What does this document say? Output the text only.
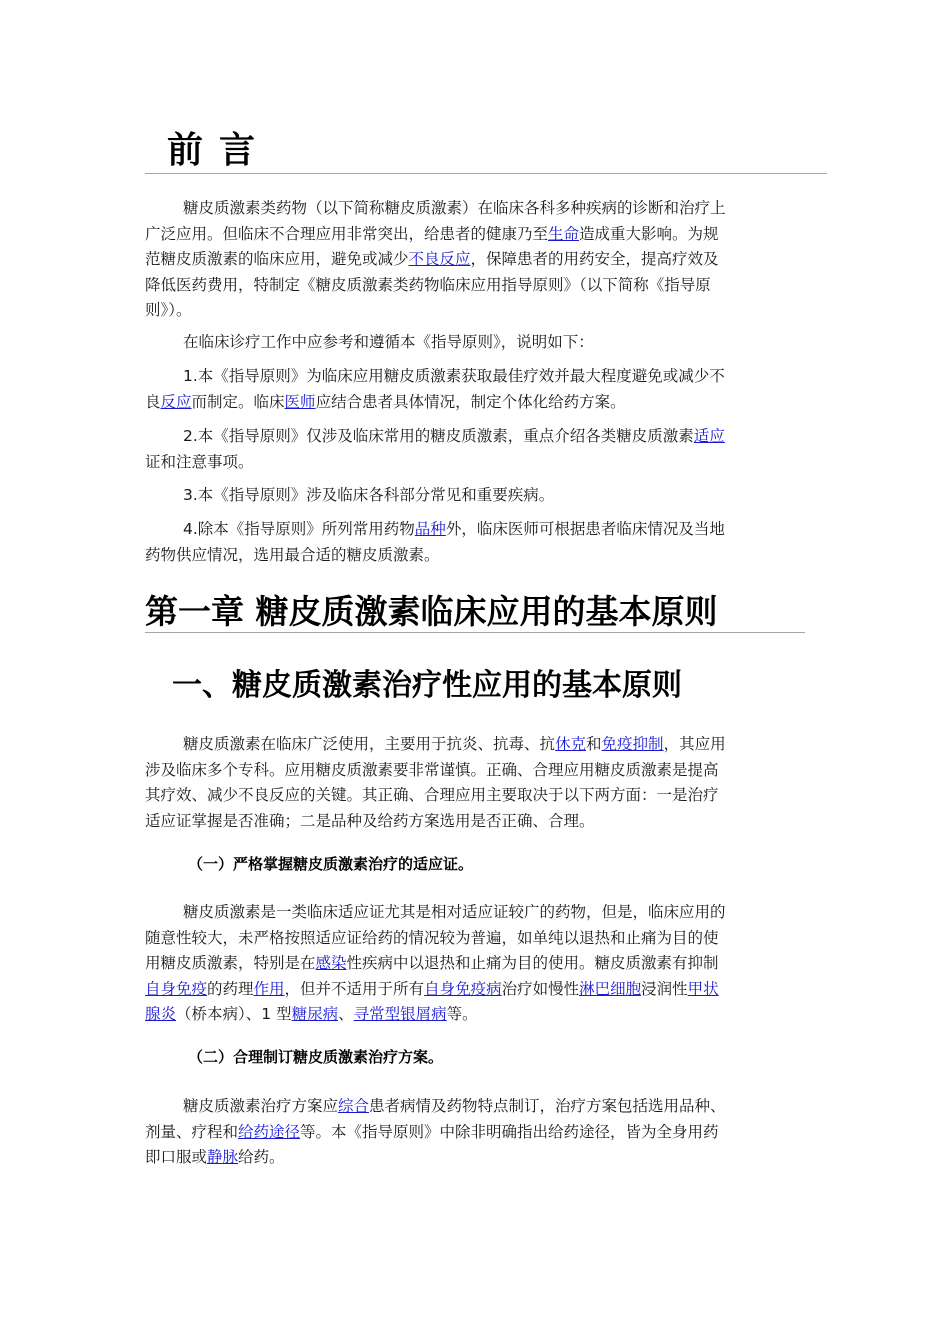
前言
糖皮质激素类药物（以下简称糖皮质激素）在临床各科多种疾病的诊断和治疗上
广泛应用。但临床不合理应用非常突出，给患者的健康乃至生命造成重大影响。为规
范糖皮质激素的临床应用，避免或减少不良反应，保障患者的用药安全，提高疗效及
降低医药费用，特制定《糖皮质激素类药物临床应用指导原则》（以下简称《指导原
则》）。
在临床诊疗工作中应参考和遵循本《指导原则》，说明如下：
1.本《指导原则》为临床应用糖皮质激素获取最佳疗效并最大程度避免或减少不
良反应而制定。临床医师应结合患者具体情况，制定个体化给药方案。
2.本《指导原则》仅涉及临床常用的糖皮质激素，重点介绍各类糖皮质激素适应
证和注意事项。
3.本《指导原则》涉及临床各科部分常见和重要疾病。
4.除本《指导原则》所列常用药物品种外，临床医师可根据患者临床情况及当地
药物供应情况，选用最合适的糖皮质激素。
第一章 糖皮质激素临床应用的基本原则
一、糖皮质激素治疗性应用的基本原则
糖皮质激素在临床广泛使用，主要用于抗炎、抗毒、抗休克和免疫抑制，其应用
涉及临床多个专科。应用糖皮质激素要非常谨慎。正确、合理应用糖皮质激素是提高
其疗效、减少不良反应的关键。其正确、合理应用主要取决于以下两方面：一是治疗
适应证掌握是否准确；二是品种及给药方案选用是否正确、合理。
（一）严格掌握糖皮质激素治疗的适应证。
糖皮质激素是一类临床适应证尤其是相对适应证较广的药物，但是，临床应用的
随意性较大，未严格按照适应证给药的情况较为普遍，如单纯以退热和止痛为目的使
用糖皮质激素，特别是在感染性疾病中以退热和止痛为目的使用。糖皮质激素有抑制
自身免疫的药理作用，但并不适用于所有自身免疫病治疗如慢性淋巴细胞浸润性甲状
腺炎（桥本病）、1 型糖尿病、寻常型银屑病等。
（二）合理制订糖皮质激素治疗方案。
糖皮质激素治疗方案应综合患者病情及药物特点制订，治疗方案包括选用品种、
剂量、疗程和给药途径等。本《指导原则》中除非明确指出给药途径，皆为全身用药
即口服或静脉给药。
